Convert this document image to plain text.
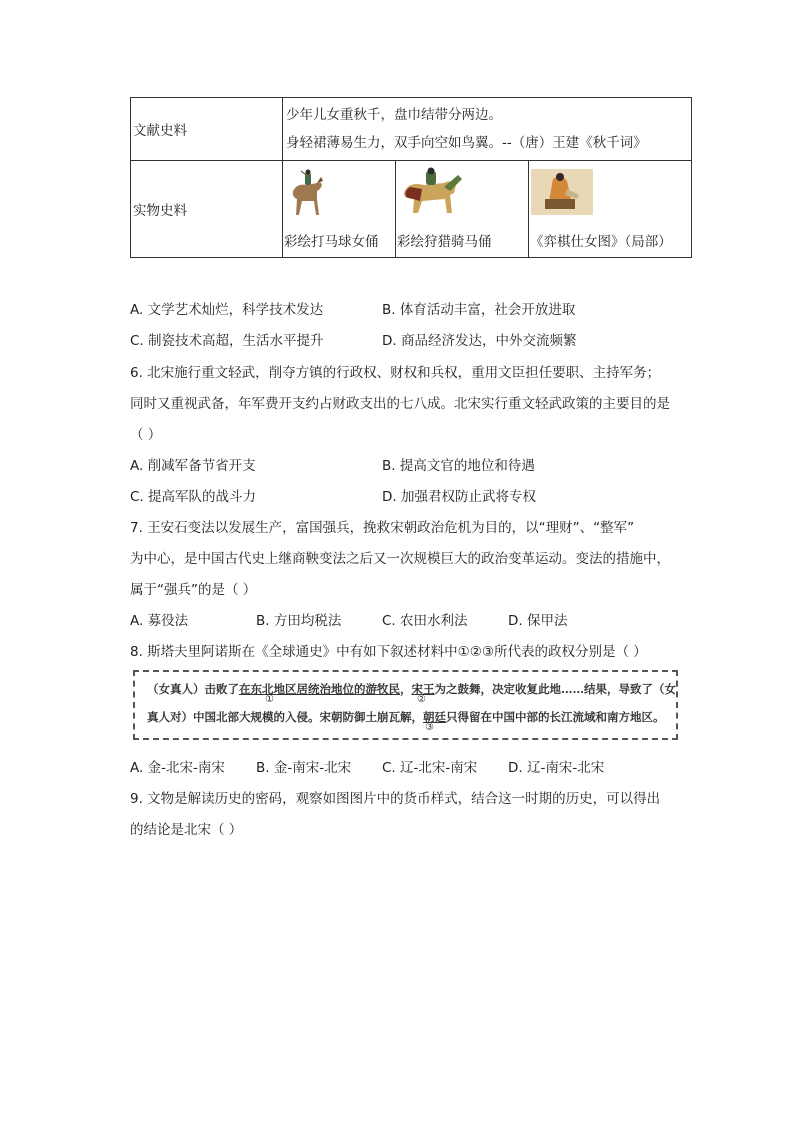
文献史料	少年儿女重秋千，盘巾结带分两边。
身轻裙薄易生力，双手向空如鸟翼。--（唐）王建《秋千词》		

实物史料	彩绘打马球女俑	彩绘狩猎骑马俑	《弈棋仕女图》（局部）
A. 文学艺术灿烂，科学技术发达	B. 体育活动丰富，社会开放进取
C. 制瓷技术高超，生活水平提升	D. 商品经济发达，中外交流频繁
6. 北宋施行重文轻武，削夺方镇的行政权、财权和兵权，重用文臣担任要职、主持军务；
同时又重视武备，年军费开支约占财政支出的七八成。北宋实行重文轻武政策的主要目的是
（ ）
A. 削减军备节省开支	B. 提高文官的地位和待遇
C. 提高军队的战斗力	D. 加强君权防止武将专权
7. 王安石变法以发展生产，富国强兵，挽救宋朝政治危机为目的，以“理财”、“整军”
为中心，是中国古代史上继商鞅变法之后又一次规模巨大的政治变革运动。变法的措施中，
属于“强兵”的是（ ）
A. 募役法	B. 方田均税法	C. 农田水利法	D. 保甲法
8. 斯塔夫里阿诺斯在《全球通史》中有如下叙述材料中①②③所代表的政权分别是（ ）
（女真人）击败了在东北地区居统治地位的游牧民，宋王为之鼓舞，决定收复此地……结果，导致了（女
①	②
真人对）中国北部大规模的入侵。宋朝防御土崩瓦解，朝廷只得留在中国中部的长江流域和南方地区。
③
A. 金-北宋-南宋 B. 金-南宋-北宋 C. 辽-北宋-南宋 D. 辽-南宋-北宋
9. 文物是解读历史的密码，观察如图图片中的货币样式，结合这一时期的历史，可以得出
的结论是北宋（ ）
